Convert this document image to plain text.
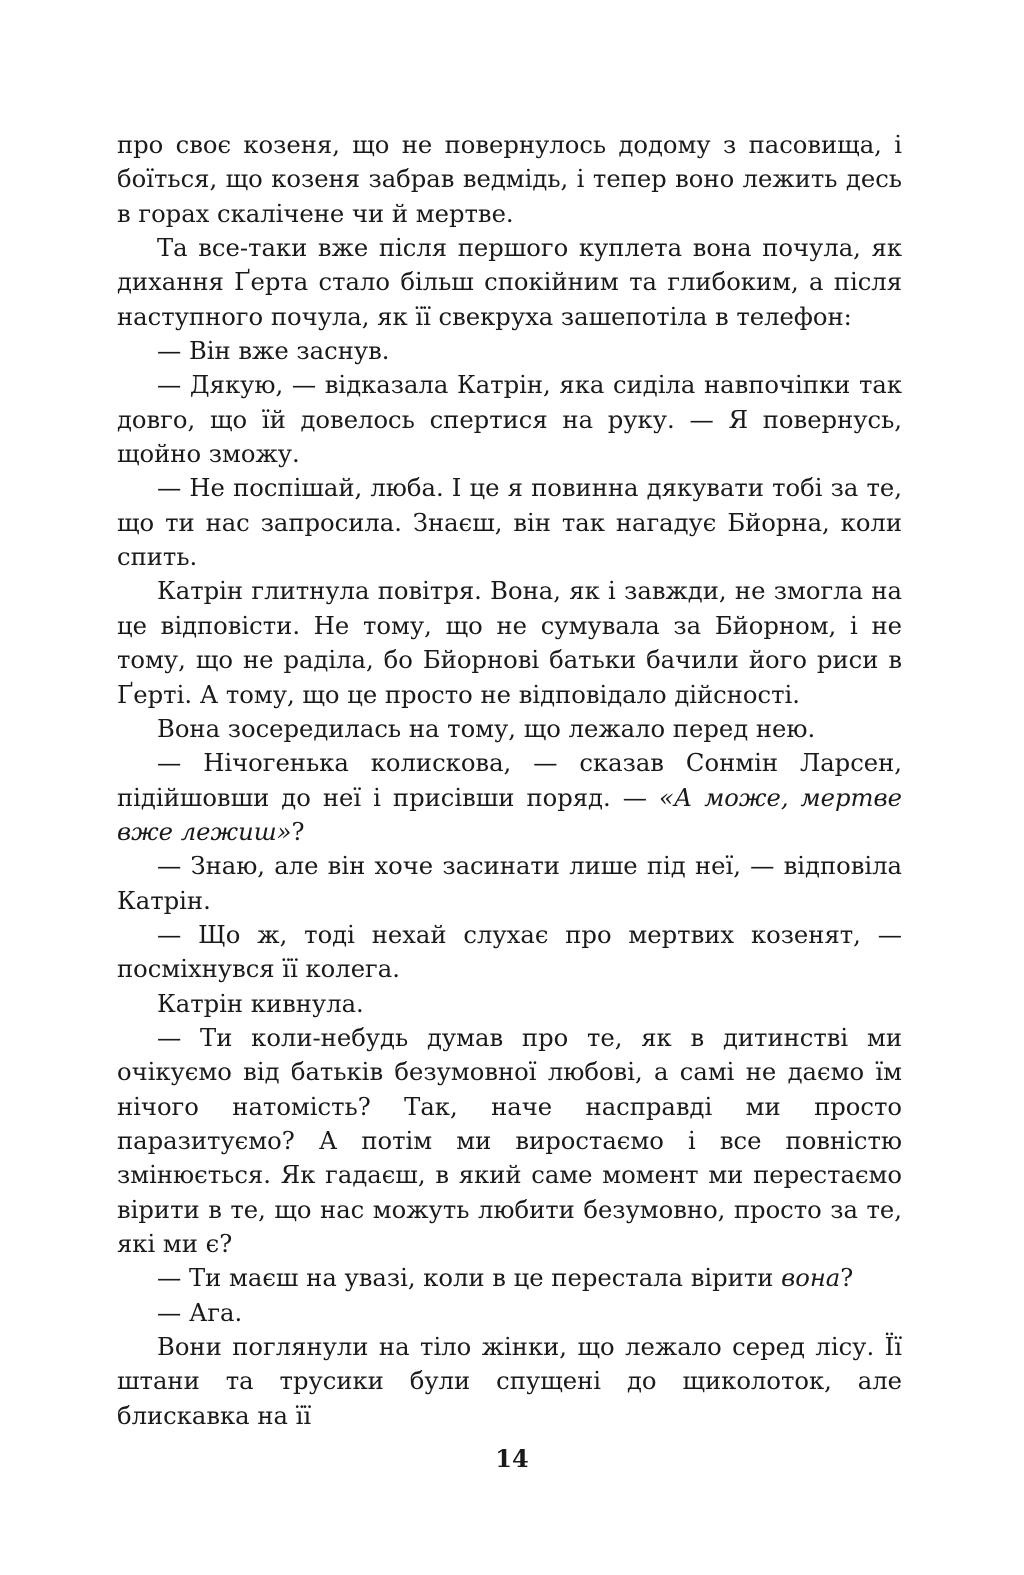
про своє козеня, що не повернулось додому з пасовища, і боїться, що козеня забрав ведмідь, і тепер воно лежить десь в горах скалічене чи й мертве.

Та все-таки вже після першого куплета вона почула, як дихання Ґерта стало більш спокійним та глибоким, а після наступного почула, як її свекруха зашепотіла в телефон:

— Він вже заснув.

— Дякую, — відказала Катрін, яка сиділа навпочіпки так довго, що їй довелось спертися на руку. — Я повернусь, щойно зможу.

— Не поспішай, люба. І це я повинна дякувати тобі за те, що ти нас запросила. Знаєш, він так нагадує Бйорна, коли спить.

Катрін глитнула повітря. Вона, як і завжди, не змогла на це відповісти. Не тому, що не сумувала за Бйорном, і не тому, що не раділа, бо Бйорнові батьки бачили його риси в Ґерті. А тому, що це просто не відповідало дійсності.

Вона зосередилась на тому, що лежало перед нею.

— Нічогенька колискова, — сказав Сонмін Ларсен, підійшовши до неї і присівши поряд. — «А може, мертве вже лежиш»?

— Знаю, але він хоче засинати лише під неї, — відповіла Катрін.

— Що ж, тоді нехай слухає про мертвих козенят, — посміхнувся її колега.

Катрін кивнула.

— Ти коли-небудь думав про те, як в дитинстві ми очікуємо від батьків безумовної любові, а самі не даємо їм нічого натомість? Так, наче насправді ми просто паразитуємо? А потім ми виростаємо і все повністю змінюється. Як гадаєш, в який саме момент ми перестаємо вірити в те, що нас можуть любити безумовно, просто за те, які ми є?

— Ти маєш на увазі, коли в це перестала вірити вона?

— Ага.

Вони поглянули на тіло жінки, що лежало серед лісу. Її штани та трусики були спущені до щиколоток, але блискавка на її

14
